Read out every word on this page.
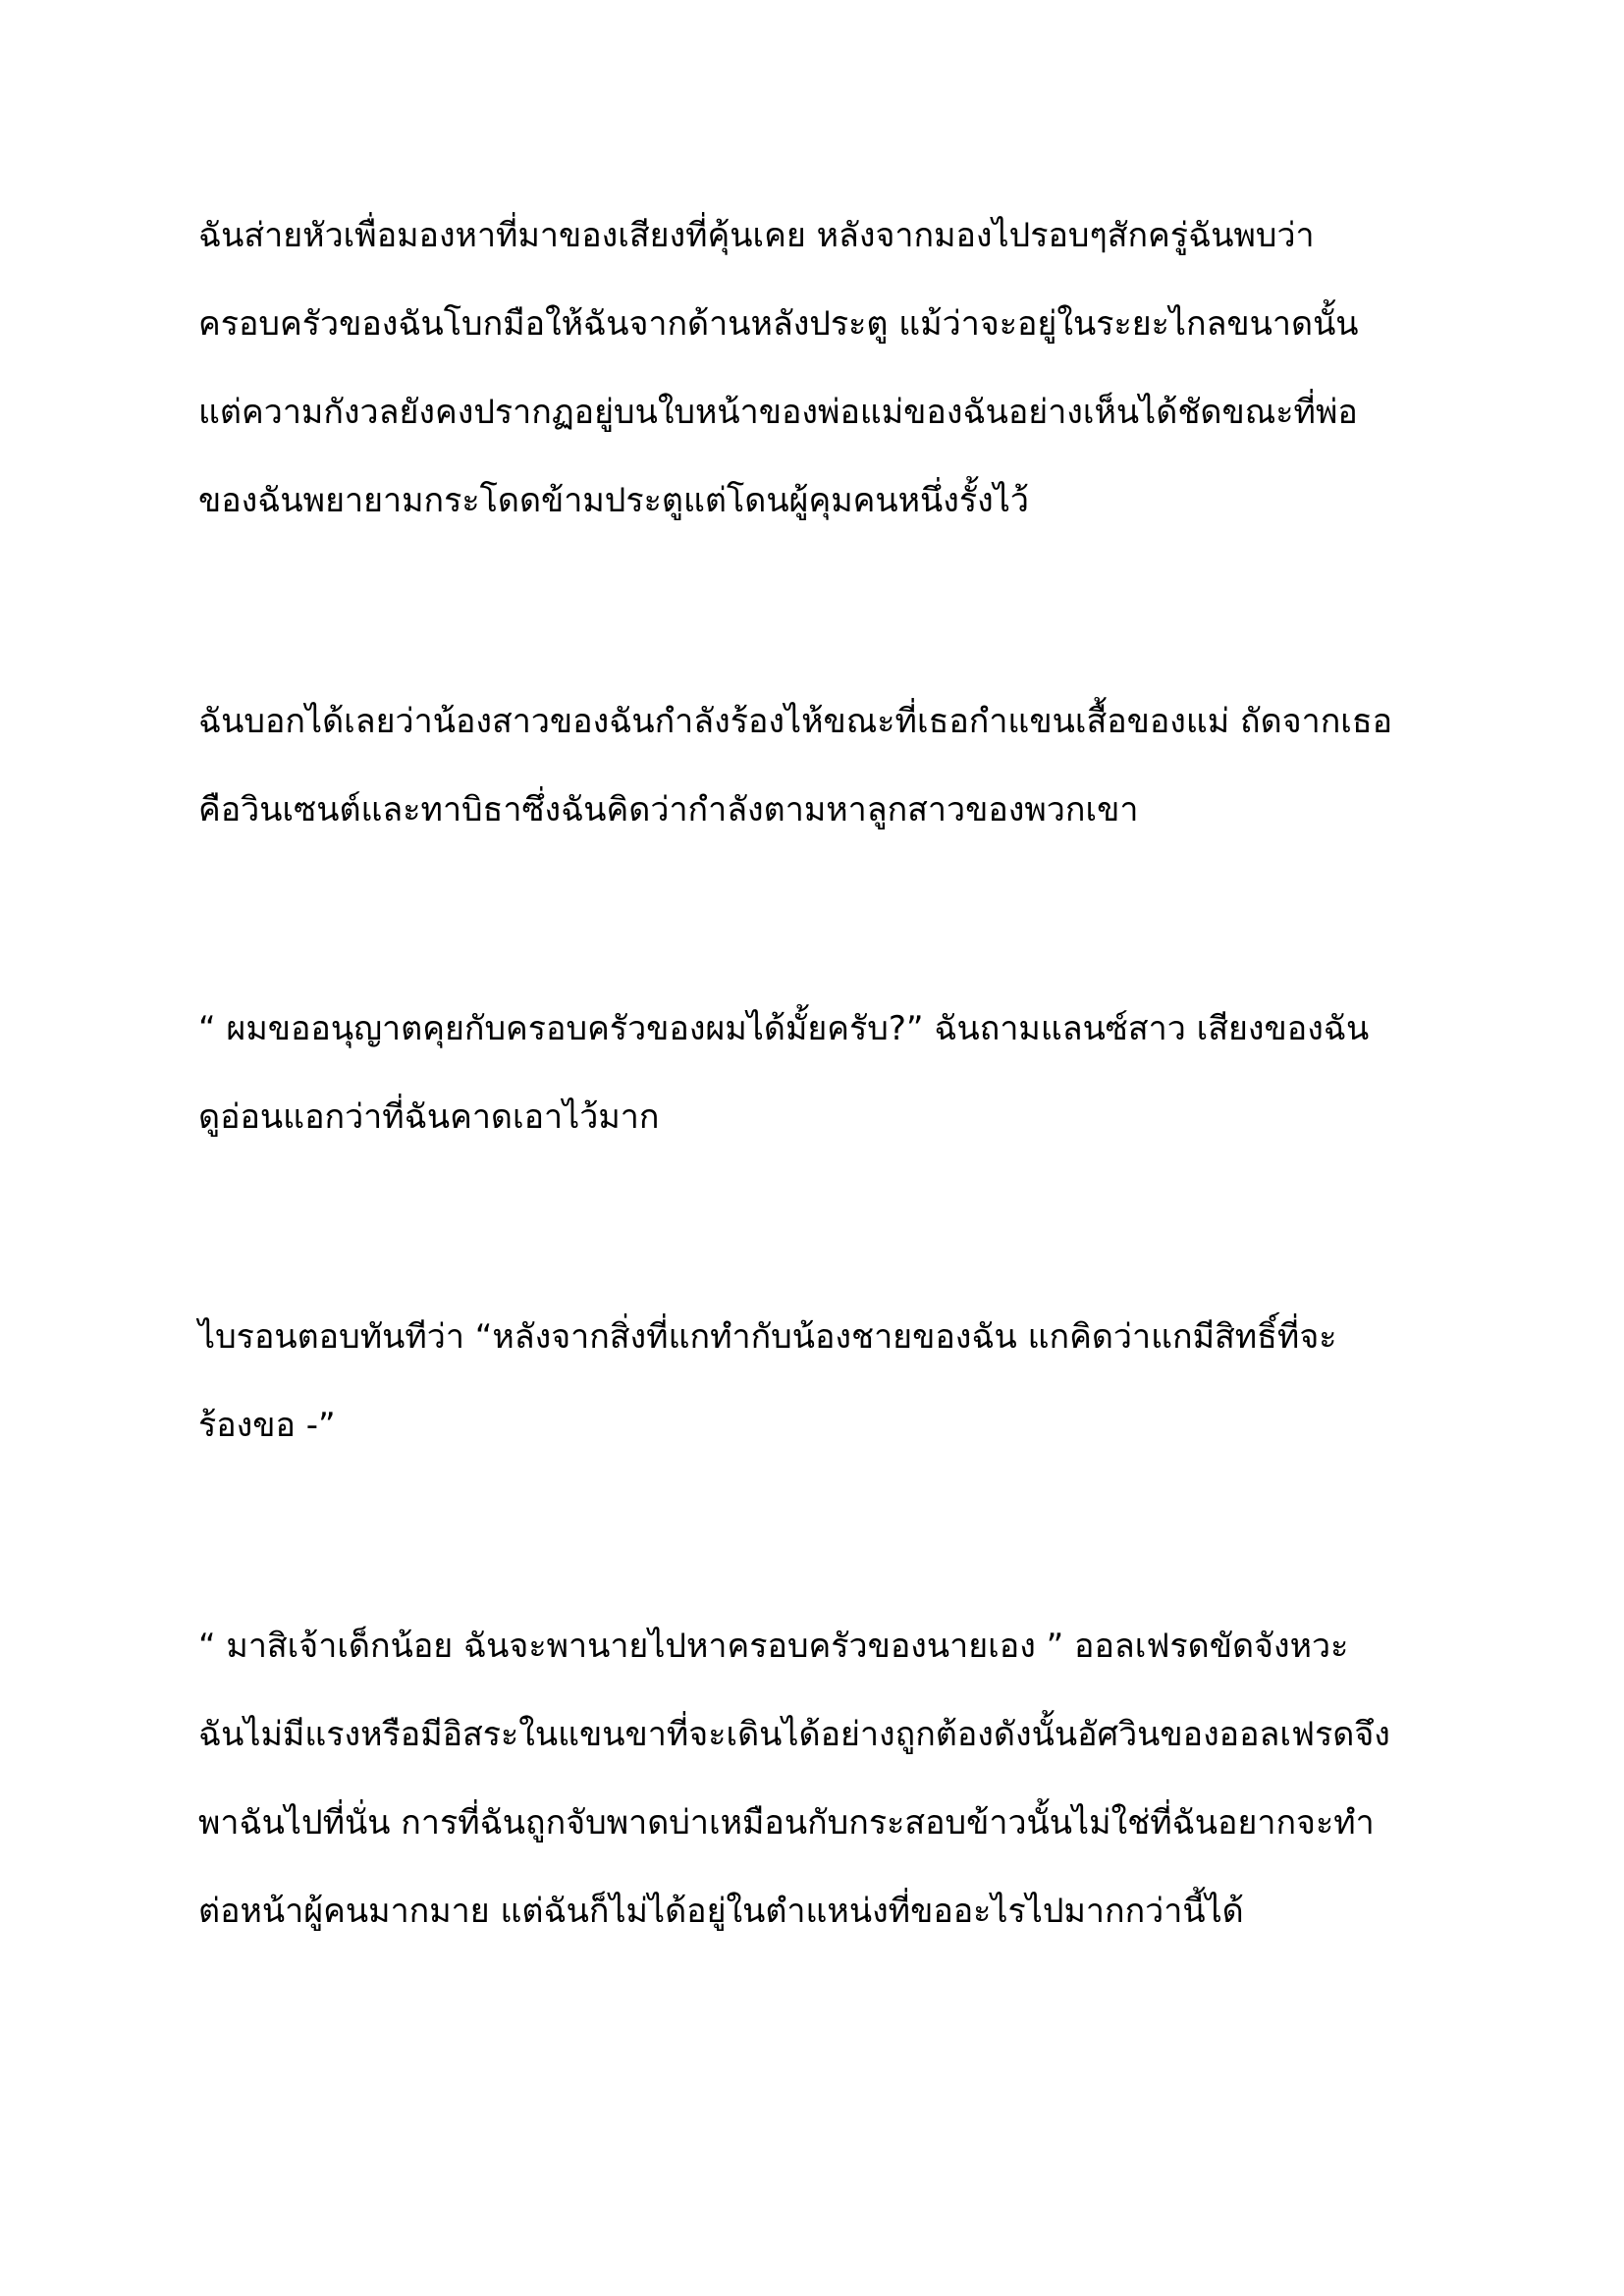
ฉันส่ายหัวเพื่อมองหาที่มาของเสียงที่คุ้นเคย หลังจากมองไปรอบๆสักครู่ฉันพบว่า

ครอบครัวของฉันโบกมือให้ฉันจากด้านหลังประตู แม้ว่าจะอยู่ในระยะไกลขนาดนั้น

แต่ความกังวลยังคงปรากฏอยู่บนใบหน้าของพ่อแม่ของฉันอย่างเห็นได้ชัดขณะที่พ่อ

ของฉันพยายามกระโดดข้ามประตูแต่โดนผู้คุมคนหนึ่งรั้งไว้

ฉันบอกได้เลยว่าน้องสาวของฉันกำลังร้องไห้ขณะที่เธอกำแขนเสื้อของแม่ ถัดจากเธอ

คือวินเซนต์และทาบิธาซึ่งฉันคิดว่ากำลังตามหาลูกสาวของพวกเขา

“ ผมขออนุญาตคุยกับครอบครัวของผมได้มั้ยครับ?” ฉันถามแลนซ์สาว เสียงของฉัน

ดูอ่อนแอกว่าที่ฉันคาดเอาไว้มาก

ไบรอนตอบทันทีว่า “หลังจากสิ่งที่แกทำกับน้องชายของฉัน แกคิดว่าแกมีสิทธิ์ที่จะ

ร้องขอ -”

“ มาสิเจ้าเด็กน้อย ฉันจะพานายไปหาครอบครัวของนายเอง ” ออลเฟรดขัดจังหวะ

ฉันไม่มีแรงหรือมีอิสระในแขนขาที่จะเดินได้อย่างถูกต้องดังนั้นอัศวินของออลเฟรดจึง

พาฉันไปที่นั่น การที่ฉันถูกจับพาดบ่าเหมือนกับกระสอบข้าวนั้นไม่ใช่ที่ฉันอยากจะทำ

ต่อหน้าผู้คนมากมาย แต่ฉันก็ไม่ได้อยู่ในตำแหน่งที่ขออะไรไปมากกว่านี้ได้
